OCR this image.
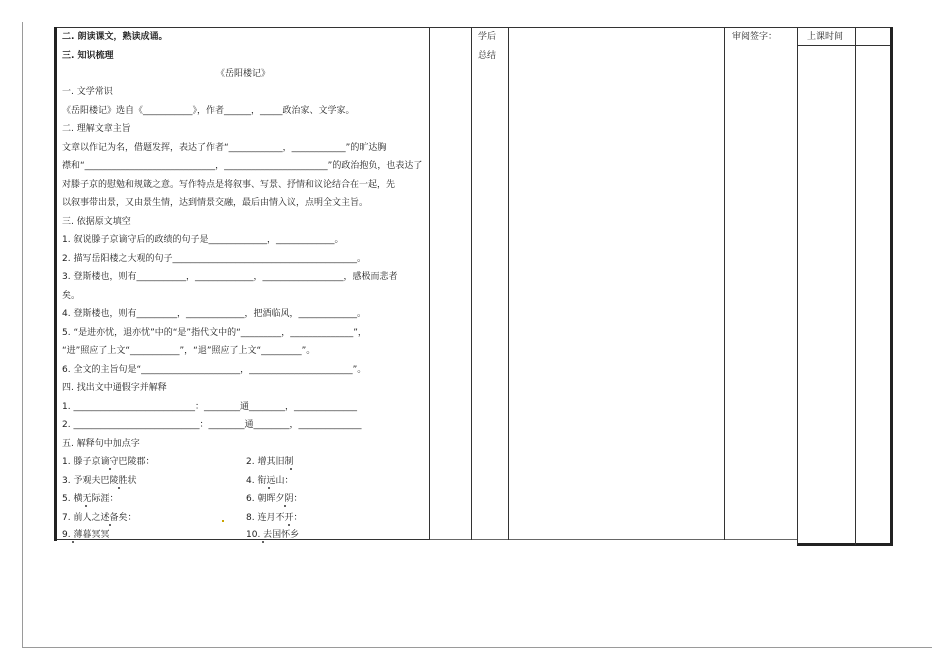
学后
总结
审阅签字：	上课时间
二. 朗读课文，熟读成诵。
三. 知识梳理
《岳阳楼记》
一. 文学常识
《岳阳楼记》选自《___________》，作者______，_____政治家、文学家。
二. 理解文章主旨
文章以作记为名，借题发挥，表达了作者“____________，____________”的旷达胸
襟和“_____________________________，_______________________”的政治抱负，也表达了
对滕子京的慰勉和规箴之意。写作特点是将叙事、写景、抒情和议论结合在一起，先
以叙事带出景，又由景生情，达到情景交融，最后由情入议，点明全文主旨。
三. 依据原文填空
1. 叙说滕子京谪守后的政绩的句子是_____________，_____________。
2. 描写岳阳楼之大观的句子_________________________________________。
3. 登斯楼也，则有___________，_____________，__________________，感极而悲者
矣。
4. 登斯楼也，则有_________，_____________，把酒临风，_____________。
5. “是进亦忧，退亦忧”中的“是”指代文中的“_________，______________”，
“进”照应了上文“___________”，“退”照应了上文“_________”。
6. 全文的主旨句是“______________________，_______________________”。
四. 找出文中通假字并解释
1. ___________________________：________通________，______________
2. ____________________________：________通________，______________
五. 解释句中加点字
1. 滕子京谪守巴陵郡：	2. 增其旧制
3. 予观夫巴陵胜状	4. 衔远山：
5. 横无际涯：	6. 朝晖夕阴：
7. 前人之述备矣：	8. 连月不开：
9. 薄暮冥冥	10. 去国怀乡
